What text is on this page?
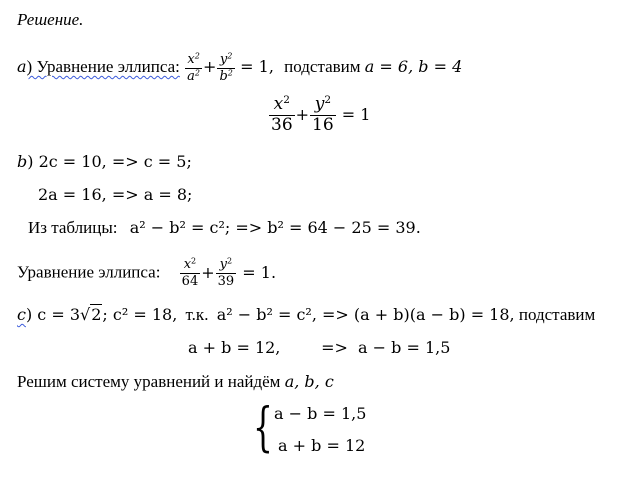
Решение.
a) Уравнение эллипса: $\frac{x^2}{a^2} + \frac{y^2}{b^2} = 1$, подставим a = 6, b = 4
$\frac{x^2}{36} + \frac{y^2}{16} = 1$
b) 2c = 10, => c = 5;
2a = 16, => a = 8;
Из таблицы: a² − b² = c²; => b² = 64 − 25 = 39.
Уравнение эллипса: $\frac{x^2}{64} + \frac{y^2}{39} = 1$.
c) c = 3√2; c² = 18, т.к. a² − b² = c², => (a + b)(a − b) = 18, подставим
a + b = 12,        =>  a − b = 1,5
Решим систему уравнений и найдём a, b, c
{ a − b = 1,5
a + b = 12
